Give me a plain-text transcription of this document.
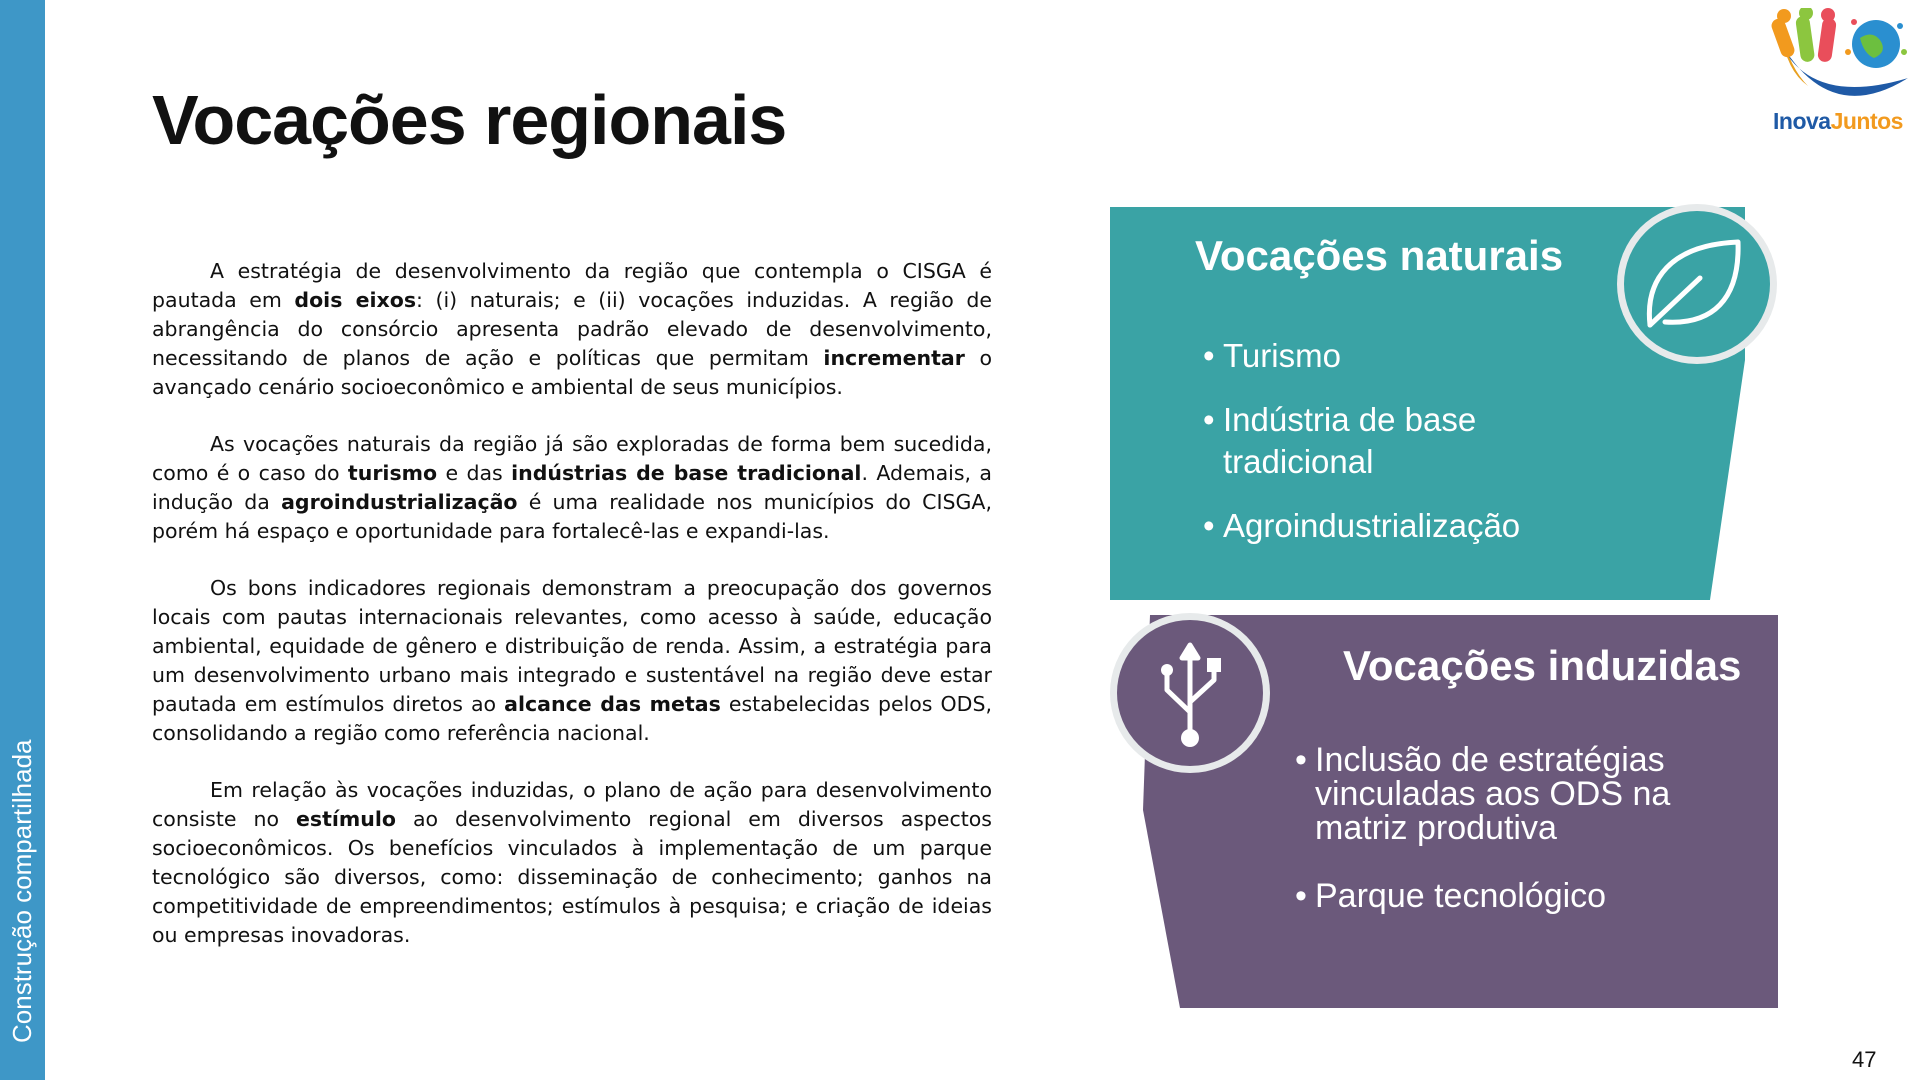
Construção compartilhada
Vocações regionais	InovaJuntos

A estratégia de desenvolvimento da região que contempla o CISGA é pautada em dois eixos: (i) naturais; e (ii) vocações induzidas. A região de abrangência do consórcio apresenta padrão elevado de desenvolvimento, necessitando de planos de ação e políticas que permitam incrementar o avançado cenário socioeconômico e ambiental de seus municípios.

As vocações naturais da região já são exploradas de forma bem sucedida, como é o caso do turismo e das indústrias de base tradicional. Ademais, a indução da agroindustrialização é uma realidade nos municípios do CISGA, porém há espaço e oportunidade para fortalecê-las e expandi-las.

Os bons indicadores regionais demonstram a preocupação dos governos locais com pautas internacionais relevantes, como acesso à saúde, educação ambiental, equidade de gênero e distribuição de renda. Assim, a estratégia para um desenvolvimento urbano mais integrado e sustentável na região deve estar pautada em estímulos diretos ao alcance das metas estabelecidas pelos ODS, consolidando a região como referência nacional.

Em relação às vocações induzidas, o plano de ação para desenvolvimento consiste no estímulo ao desenvolvimento regional em diversos aspectos socioeconômicos. Os benefícios vinculados à implementação de um parque tecnológico são diversos, como: disseminação de conhecimento; ganhos na competitividade de empreendimentos; estímulos à pesquisa; e criação de ideias ou empresas inovadoras.

Vocações naturais
• Turismo
• Indústria de base tradicional
• Agroindustrialização
Vocações induzidas
• Inclusão de estratégias vinculadas aos ODS na matriz produtiva
• Parque tecnológico
47
